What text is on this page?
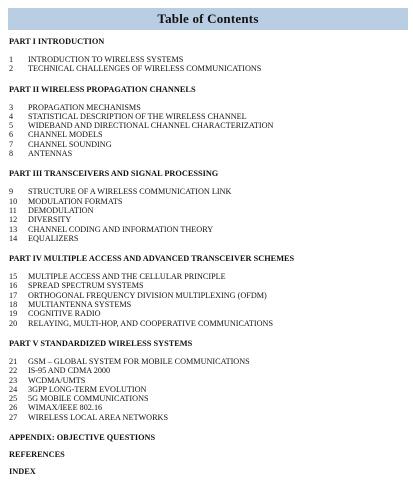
Table of Contents

PART I INTRODUCTION

1	INTRODUCTION TO WIRELESS SYSTEMS
2	TECHNICAL CHALLENGES OF WIRELESS COMMUNICATIONS

PART II WIRELESS PROPAGATION CHANNELS

3	PROPAGATION MECHANISMS
4	STATISTICAL DESCRIPTION OF THE WIRELESS CHANNEL
5	WIDEBAND AND DIRECTIONAL CHANNEL CHARACTERIZATION
6	CHANNEL MODELS
7	CHANNEL SOUNDING
8	ANTENNAS

PART III TRANSCEIVERS AND SIGNAL PROCESSING

9	STRUCTURE OF A WIRELESS COMMUNICATION LINK
10	MODULATION FORMATS
11	DEMODULATION
12	DIVERSITY
13	CHANNEL CODING AND INFORMATION THEORY
14	EQUALIZERS

PART IV MULTIPLE ACCESS AND ADVANCED TRANSCEIVER SCHEMES

15	MULTIPLE ACCESS AND THE CELLULAR PRINCIPLE
16	SPREAD SPECTRUM SYSTEMS
17	ORTHOGONAL FREQUENCY DIVISION MULTIPLEXING (OFDM)
18	MULTIANTENNA SYSTEMS
19	COGNITIVE RADIO
20	RELAYING, MULTI-HOP, AND COOPERATIVE COMMUNICATIONS

PART V STANDARDIZED WIRELESS SYSTEMS

21	GSM – GLOBAL SYSTEM FOR MOBILE COMMUNICATIONS
22	IS-95 AND CDMA 2000
23	WCDMA/UMTS
24	3GPP LONG-TERM EVOLUTION
25	5G MOBILE COMMUNICATIONS
26	WIMAX/IEEE 802.16
27	WIRELESS LOCAL AREA NETWORKS

APPENDIX: OBJECTIVE QUESTIONS

REFERENCES

INDEX
